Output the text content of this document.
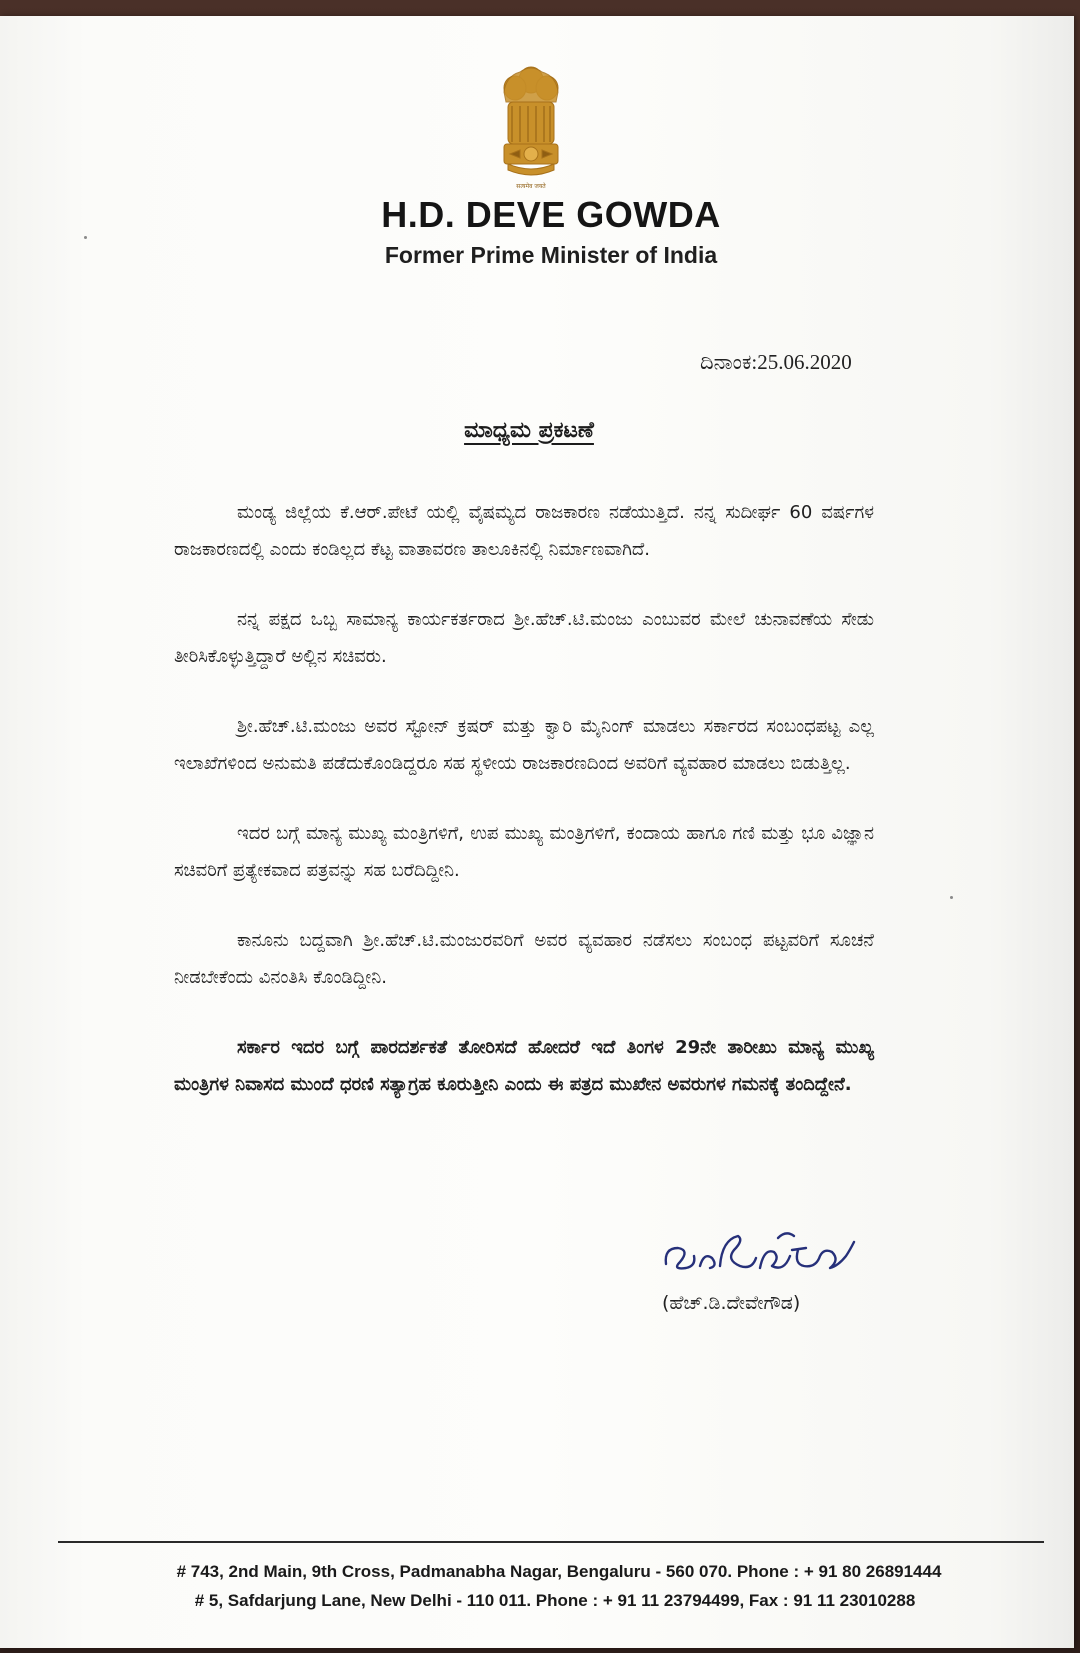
सत्यमेव जयते
H.D. DEVE GOWDA
Former Prime Minister of India
ದಿನಾಂಕ:25.06.2020
ಮಾಧ್ಯಮ ಪ್ರಕಟಣೆ

ಮಂಡ್ಯ ಜಿಲ್ಲೆಯ ಕೆ.ಆರ್.ಪೇಟೆ ಯಲ್ಲಿ ವೈಷಮ್ಯದ ರಾಜಕಾರಣ ನಡೆಯುತ್ತಿದೆ. ನನ್ನ ಸುದೀರ್ಘ 60 ವರ್ಷಗಳ ರಾಜಕಾರಣದಲ್ಲಿ ಎಂದು ಕಂಡಿಲ್ಲದ ಕೆಟ್ಟ ವಾತಾವರಣ ತಾಲೂಕಿನಲ್ಲಿ ನಿರ್ಮಾಣವಾಗಿದೆ.

ನನ್ನ ಪಕ್ಷದ ಒಬ್ಬ ಸಾಮಾನ್ಯ ಕಾರ್ಯಕರ್ತರಾದ ಶ್ರೀ.ಹೆಚ್.ಟಿ.ಮಂಜು ಎಂಬುವರ ಮೇಲೆ ಚುನಾವಣೆಯ ಸೇಡು ತೀರಿಸಿಕೊಳ್ಳುತ್ತಿದ್ದಾರೆ ಅಲ್ಲಿನ ಸಚಿವರು.

ಶ್ರೀ.ಹೆಚ್.ಟಿ.ಮಂಜು ಅವರ ಸ್ಟೋನ್ ಕ್ರಷರ್ ಮತ್ತು ಕ್ವಾರಿ ಮೈನಿಂಗ್ ಮಾಡಲು ಸರ್ಕಾರದ ಸಂಬಂಧಪಟ್ಟ ಎಲ್ಲ ಇಲಾಖೆಗಳಿಂದ ಅನುಮತಿ ಪಡೆದುಕೊಂಡಿದ್ದರೂ ಸಹ ಸ್ಥಳೀಯ ರಾಜಕಾರಣದಿಂದ ಅವರಿಗೆ ವ್ಯವಹಾರ ಮಾಡಲು ಬಿಡುತ್ತಿಲ್ಲ.

ಇದರ ಬಗ್ಗೆ ಮಾನ್ಯ ಮುಖ್ಯ ಮಂತ್ರಿಗಳಿಗೆ, ಉಪ ಮುಖ್ಯ ಮಂತ್ರಿಗಳಿಗೆ, ಕಂದಾಯ ಹಾಗೂ ಗಣಿ ಮತ್ತು ಭೂ ವಿಜ್ಞಾನ ಸಚಿವರಿಗೆ ಪ್ರತ್ಯೇಕವಾದ ಪತ್ರವನ್ನು ಸಹ ಬರೆದಿದ್ದೀನಿ.

ಕಾನೂನು ಬದ್ದವಾಗಿ ಶ್ರೀ.ಹೆಚ್.ಟಿ.ಮಂಜುರವರಿಗೆ ಅವರ ವ್ಯವಹಾರ ನಡೆಸಲು ಸಂಬಂಧ ಪಟ್ಟವರಿಗೆ ಸೂಚನೆ ನೀಡಬೇಕೆಂದು ವಿನಂತಿಸಿ ಕೊಂಡಿದ್ದೀನಿ.

ಸರ್ಕಾರ ಇದರ ಬಗ್ಗೆ ಪಾರದರ್ಶಕತೆ ತೋರಿಸದೆ ಹೋದರೆ ಇದೆ ತಿಂಗಳ 29ನೇ ತಾರೀಖು ಮಾನ್ಯ ಮುಖ್ಯ ಮಂತ್ರಿಗಳ ನಿವಾಸದ ಮುಂದೆ ಧರಣಿ ಸತ್ಯಾಗ್ರಹ ಕೂರುತ್ತೀನಿ ಎಂದು ಈ ಪತ್ರದ ಮುಖೇನ ಅವರುಗಳ ಗಮನಕ್ಕೆ ತಂದಿದ್ದೇನೆ.

(ಹೆಚ್.ಡಿ.ದೇವೇಗೌಡ)
# 743, 2nd Main, 9th Cross, Padmanabha Nagar, Bengaluru - 560 070. Phone : + 91 80 26891444
# 5, Safdarjung Lane, New Delhi - 110 011. Phone : + 91 11 23794499, Fax : 91 11 23010288
